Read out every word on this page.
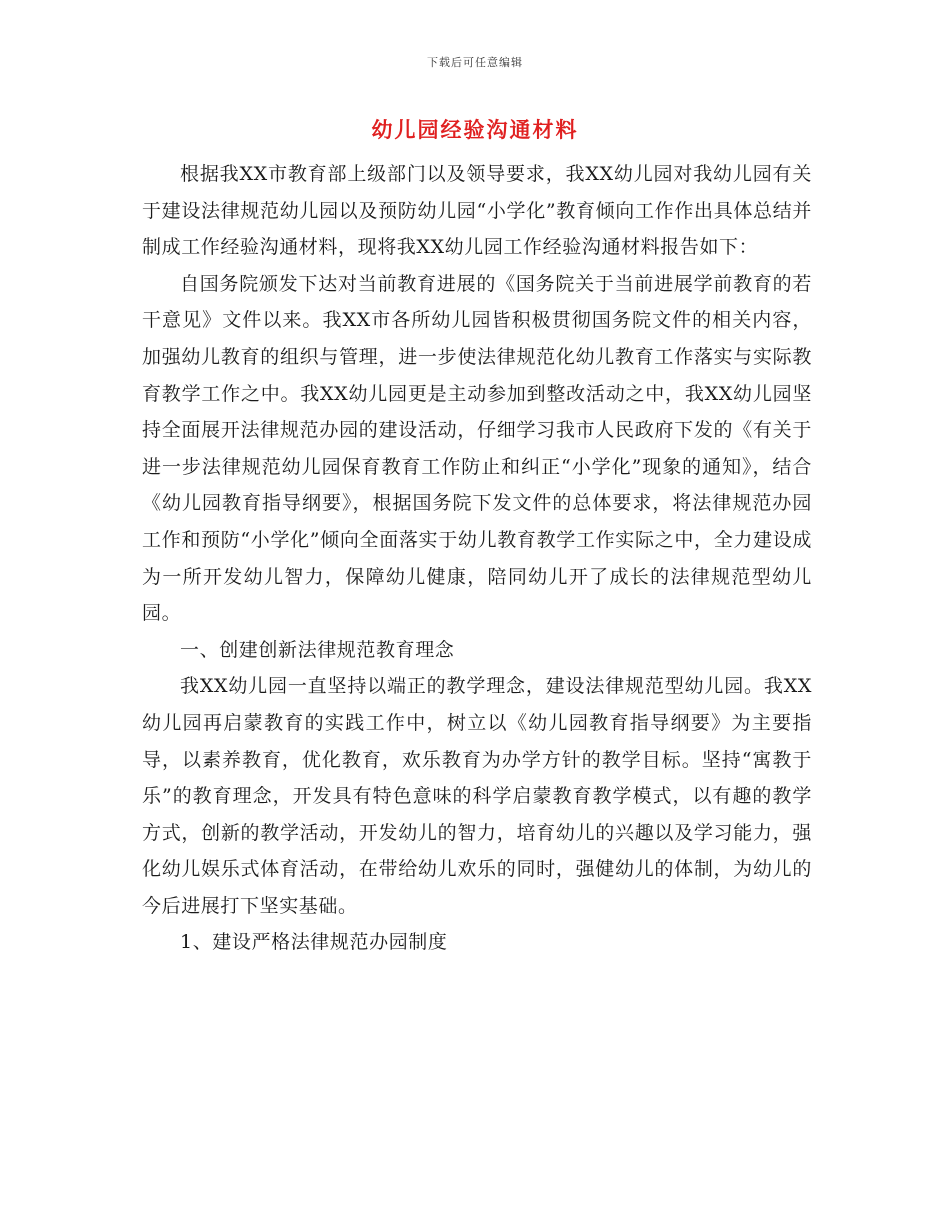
下载后可任意编辑
幼儿园经验沟通材料

根据我XX市教育部上级部门以及领导要求，我XX幼儿园对我幼儿园有关于建设法律规范幼儿园以及预防幼儿园“小学化”教育倾向工作作出具体总结并制成工作经验沟通材料，现将我XX幼儿园工作经验沟通材料报告如下：

自国务院颁发下达对当前教育进展的《国务院关于当前进展学前教育的若干意见》文件以来。我XX市各所幼儿园皆积极贯彻国务院文件的相关内容，加强幼儿教育的组织与管理，进一步使法律规范化幼儿教育工作落实与实际教育教学工作之中。我XX幼儿园更是主动参加到整改活动之中，我XX幼儿园坚持全面展开法律规范办园的建设活动，仔细学习我市人民政府下发的《有关于进一步法律规范幼儿园保育教育工作防止和纠正“小学化”现象的通知》，结合《幼儿园教育指导纲要》，根据国务院下发文件的总体要求，将法律规范办园工作和预防“小学化”倾向全面落实于幼儿教育教学工作实际之中，全力建设成为一所开发幼儿智力，保障幼儿健康，陪同幼儿开了成长的法律规范型幼儿园。

一、创建创新法律规范教育理念

我XX幼儿园一直坚持以端正的教学理念，建设法律规范型幼儿园。我XX幼儿园再启蒙教育的实践工作中，树立以《幼儿园教育指导纲要》为主要指导，以素养教育，优化教育，欢乐教育为办学方针的教学目标。坚持“寓教于乐”的教育理念，开发具有特色意味的科学启蒙教育教学模式，以有趣的教学方式，创新的教学活动，开发幼儿的智力，培育幼儿的兴趣以及学习能力，强化幼儿娱乐式体育活动，在带给幼儿欢乐的同时，强健幼儿的体制，为幼儿的今后进展打下坚实基础。

1、建设严格法律规范办园制度
